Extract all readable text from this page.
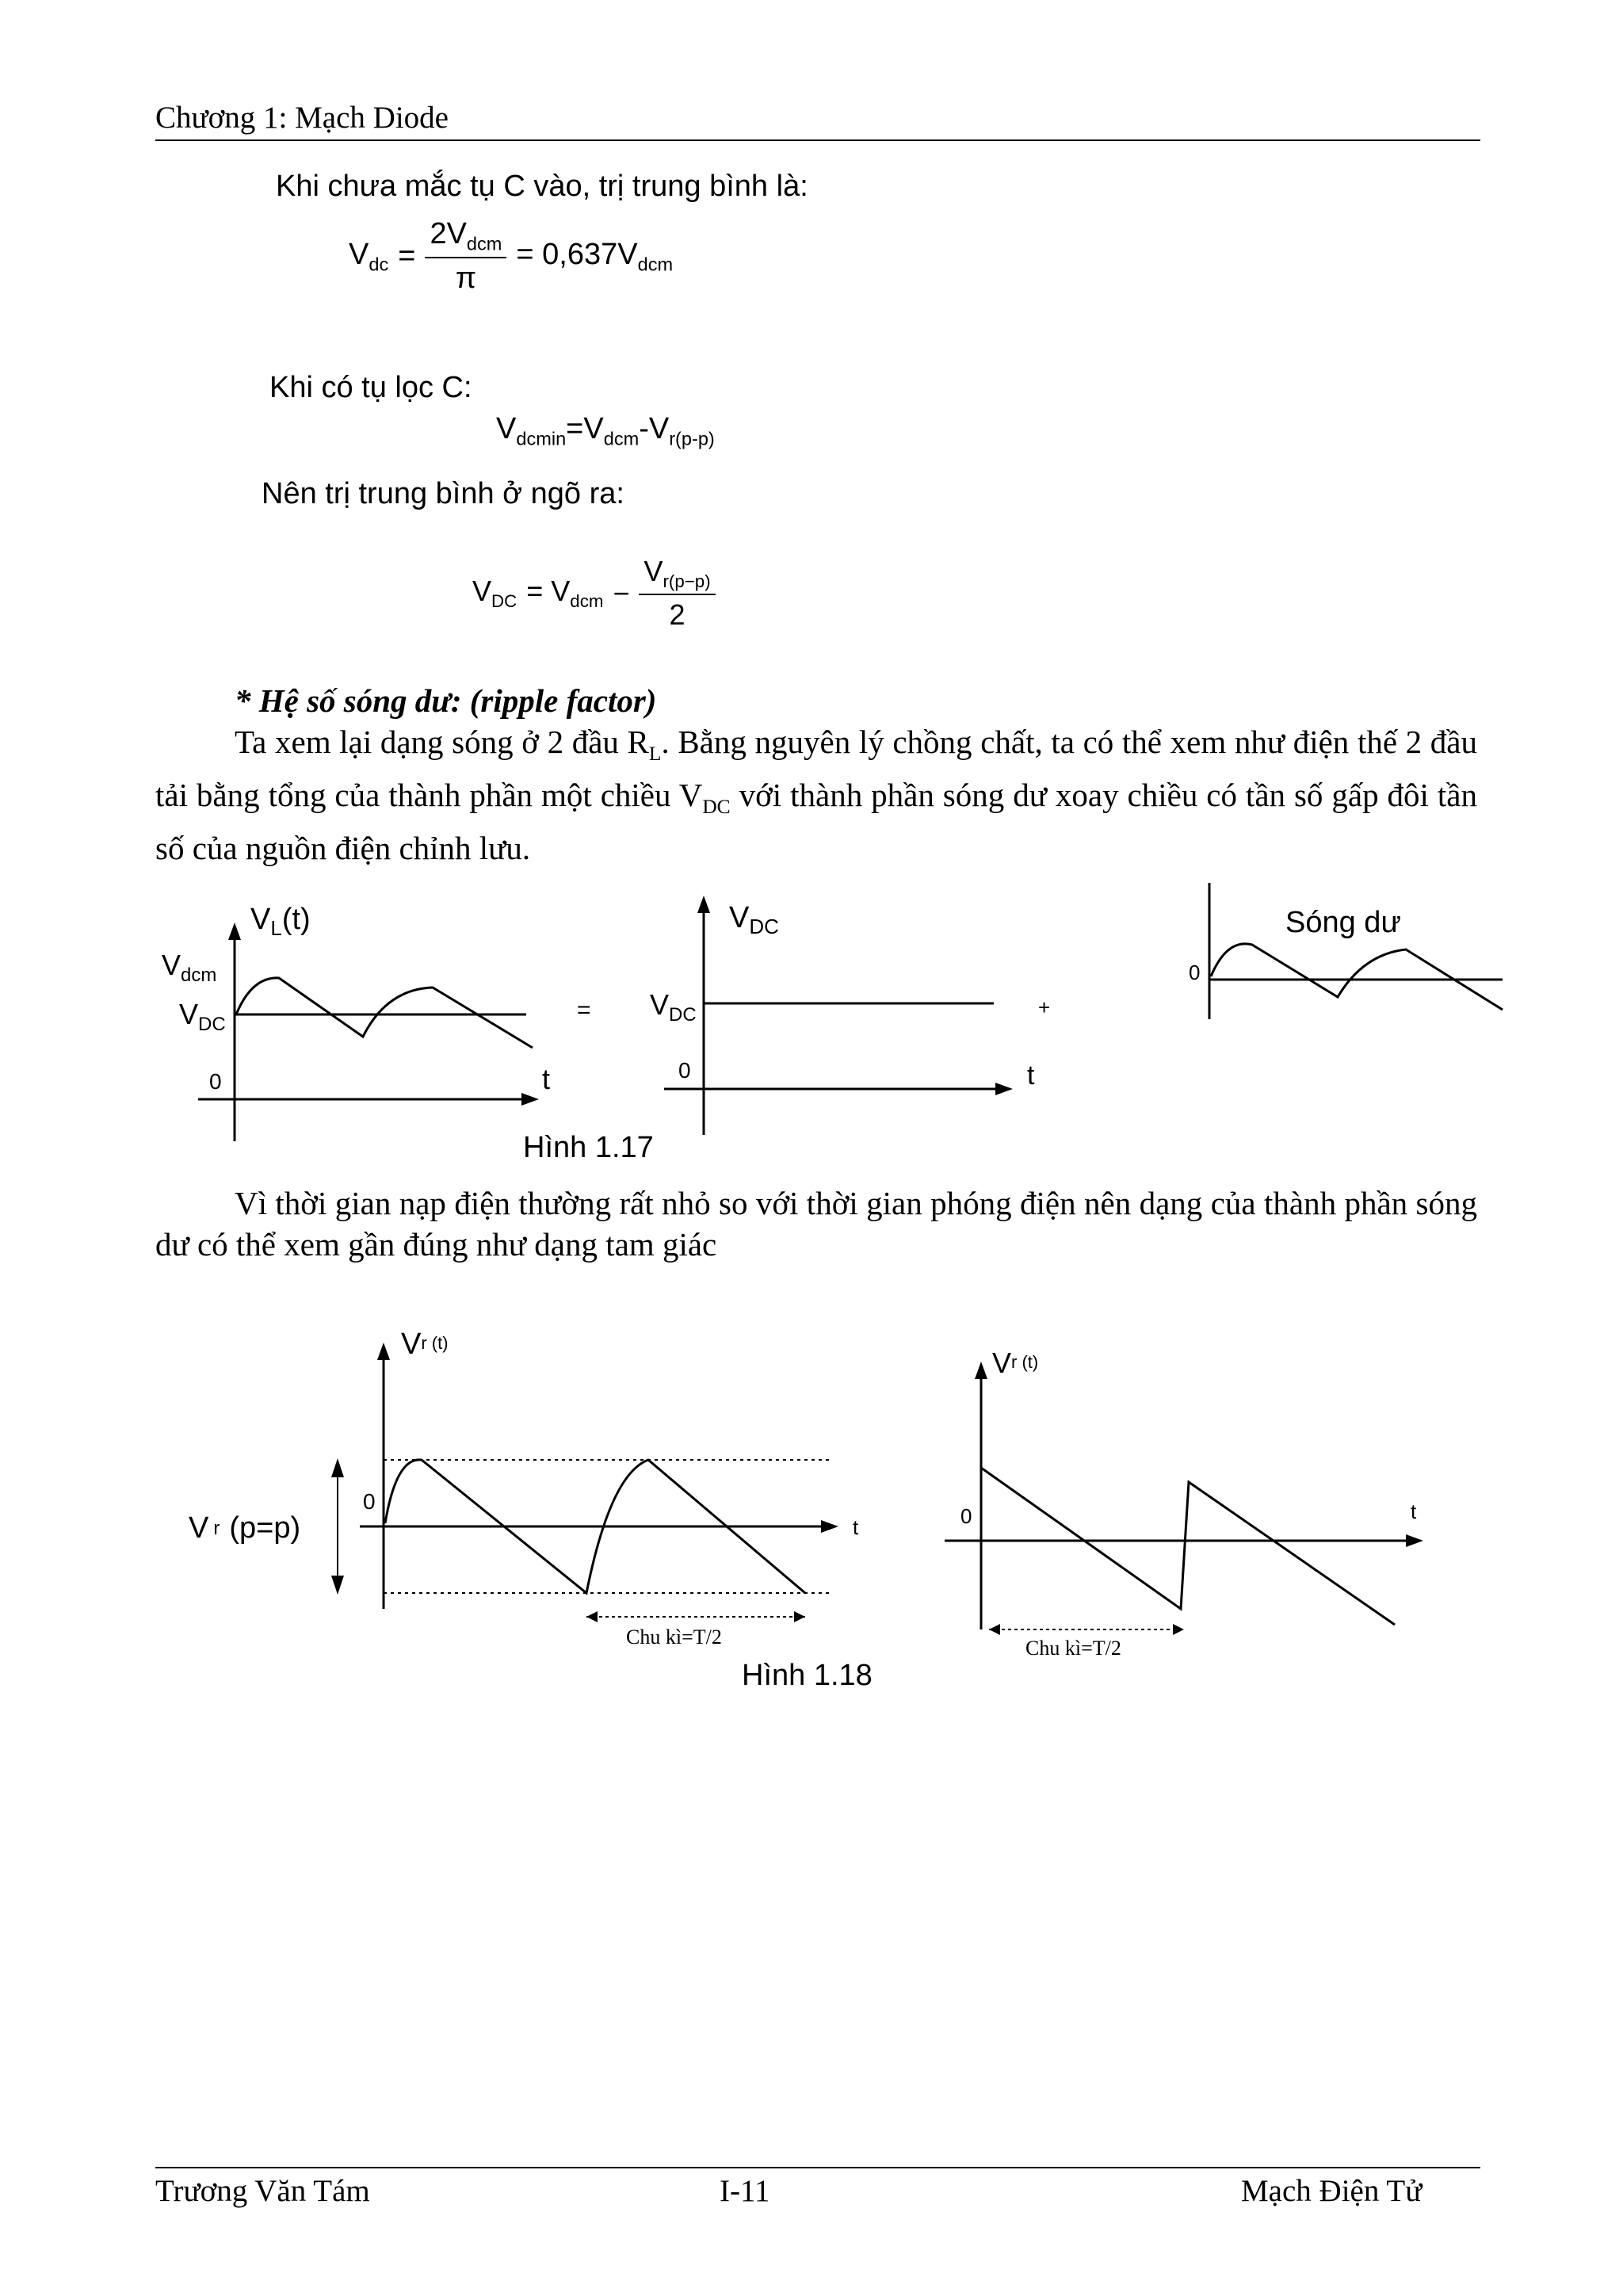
Chương 1: Mạch Diode
Khi chưa mắc tụ C vào, trị trung bình là:
$V_{dc} = \frac{2V_{dcm}}{\pi} = 0,637V_{dcm}$
Khi có tụ lọc C:
$V_{dcmin}=V_{dcm}-V_{r(p-p)}$
Nên trị trung bình ở ngõ ra:
$V_{DC} = V_{dcm} - \frac{V_{r(p-p)}}{2}$
* Hệ số sóng dư: (ripple factor)
Ta xem lại dạng sóng ở 2 đầu $R_L$. Bằng nguyên lý chồng chất, ta có thể xem như điện thế 2 đầu tải bằng tổng của thành phần một chiều $V_{DC}$ với thành phần sóng dư xoay chiều có tần số gấp đôi tần số của nguồn điện chỉnh lưu.
$V_L(t)$
$V_{dcm}$
$V_{DC}$
0	t
=
$V_{DC}$
$V_{DC}$
0	t
+
Sóng dư
0
Hình 1.17
Vì thời gian nạp điện thường rất nhỏ so với thời gian phóng điện nên dạng của thành phần sóng dư có thể xem gần đúng như dạng tam giác
Vr (t)
Vr (p=p)
0
t
Chu kì=T/2
Vr (t)
0	t
Chu kì=T/2
Hình 1.18
Trương Văn Tám	I-11	Mạch Điện Tử
